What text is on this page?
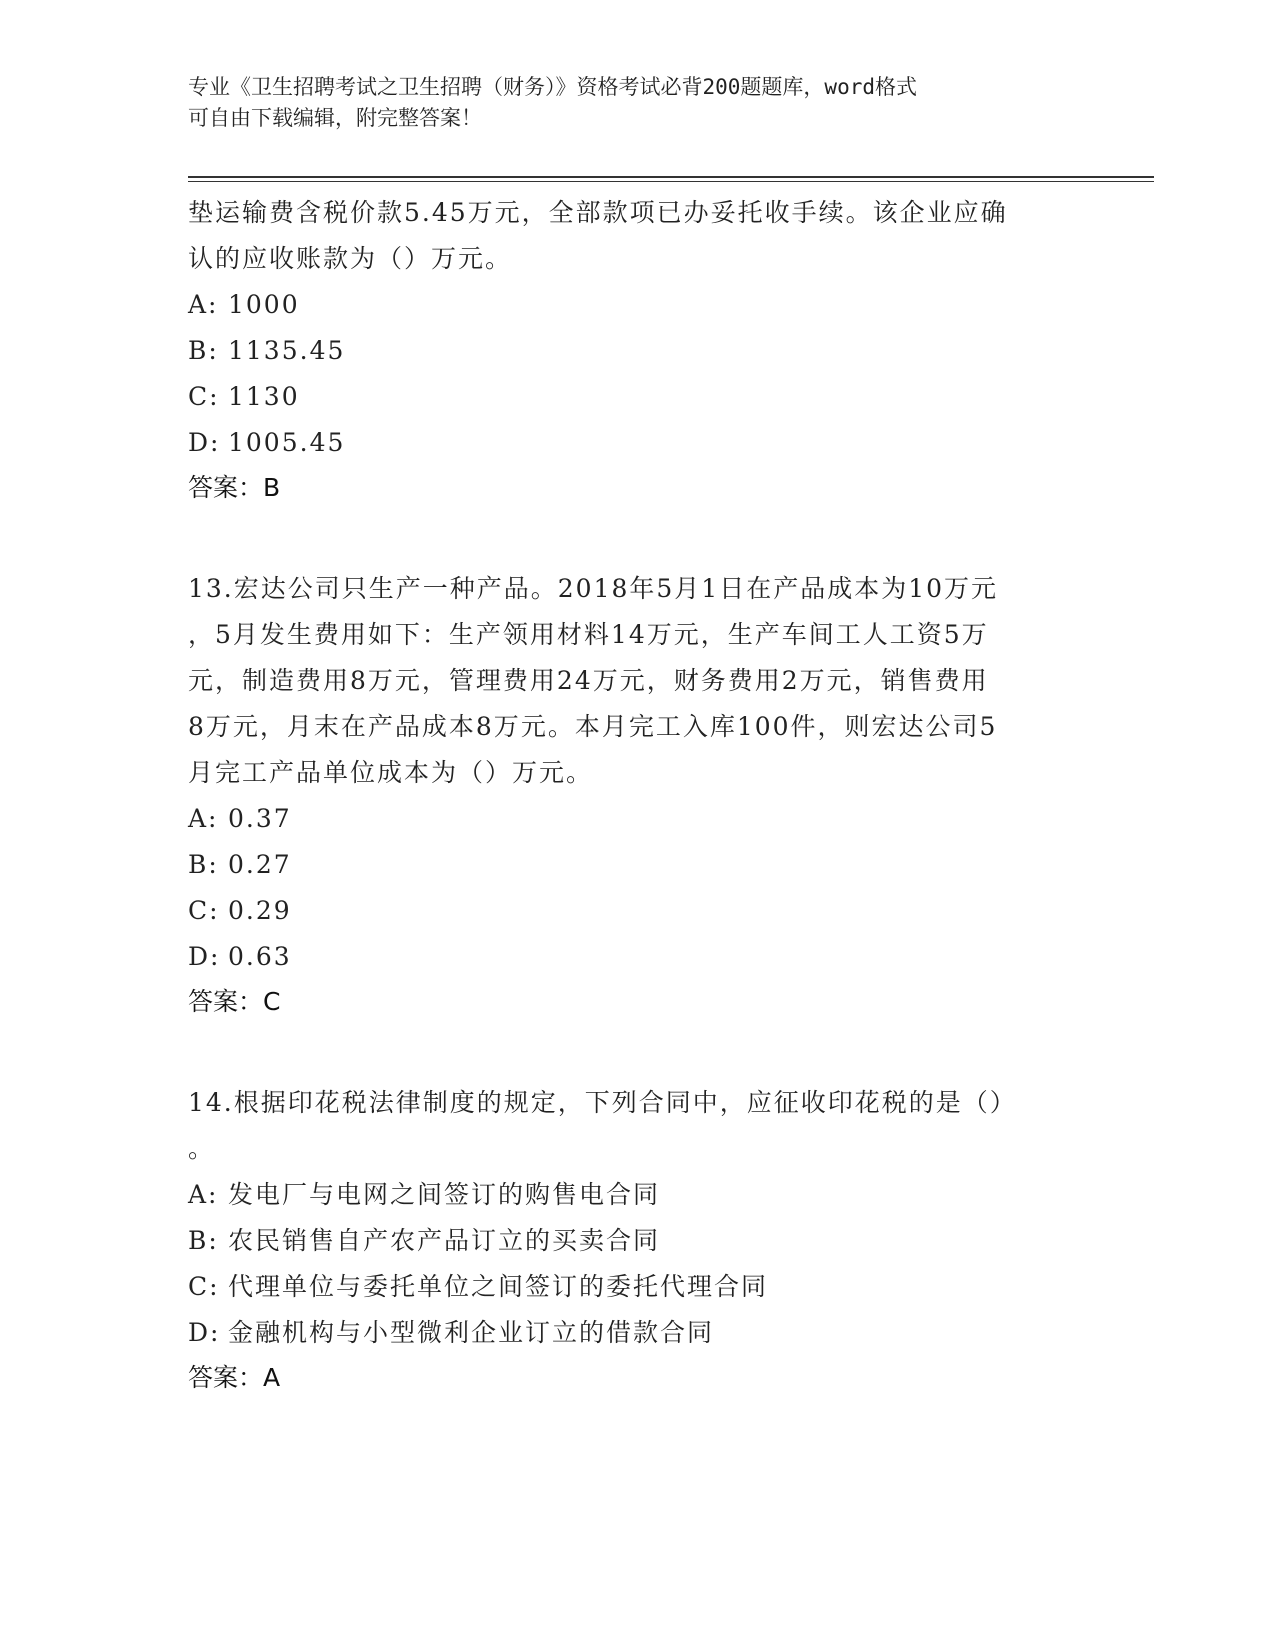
专业《卫生招聘考试之卫生招聘（财务）》资格考试必背200题题库，word格式
可自由下载编辑，附完整答案！

垫运输费含税价款5.45万元，全部款项已办妥托收手续。该企业应确
认的应收账款为（）万元。

A: 1000
B: 1135.45
C: 1130
D: 1005.45
答案：B

13.宏达公司只生产一种产品。2018年5月1日在产品成本为10万元
，5月发生费用如下：生产领用材料14万元，生产车间工人工资5万
元，制造费用8万元，管理费用24万元，财务费用2万元，销售费用
8万元，月末在产品成本8万元。本月完工入库100件，则宏达公司5
月完工产品单位成本为（）万元。

A: 0.37
B: 0.27
C: 0.29
D: 0.63
答案：C

14.根据印花税法律制度的规定，下列合同中，应征收印花税的是（）
。

A: 发电厂与电网之间签订的购售电合同
B: 农民销售自产农产品订立的买卖合同
C: 代理单位与委托单位之间签订的委托代理合同
D: 金融机构与小型微利企业订立的借款合同
答案：A
